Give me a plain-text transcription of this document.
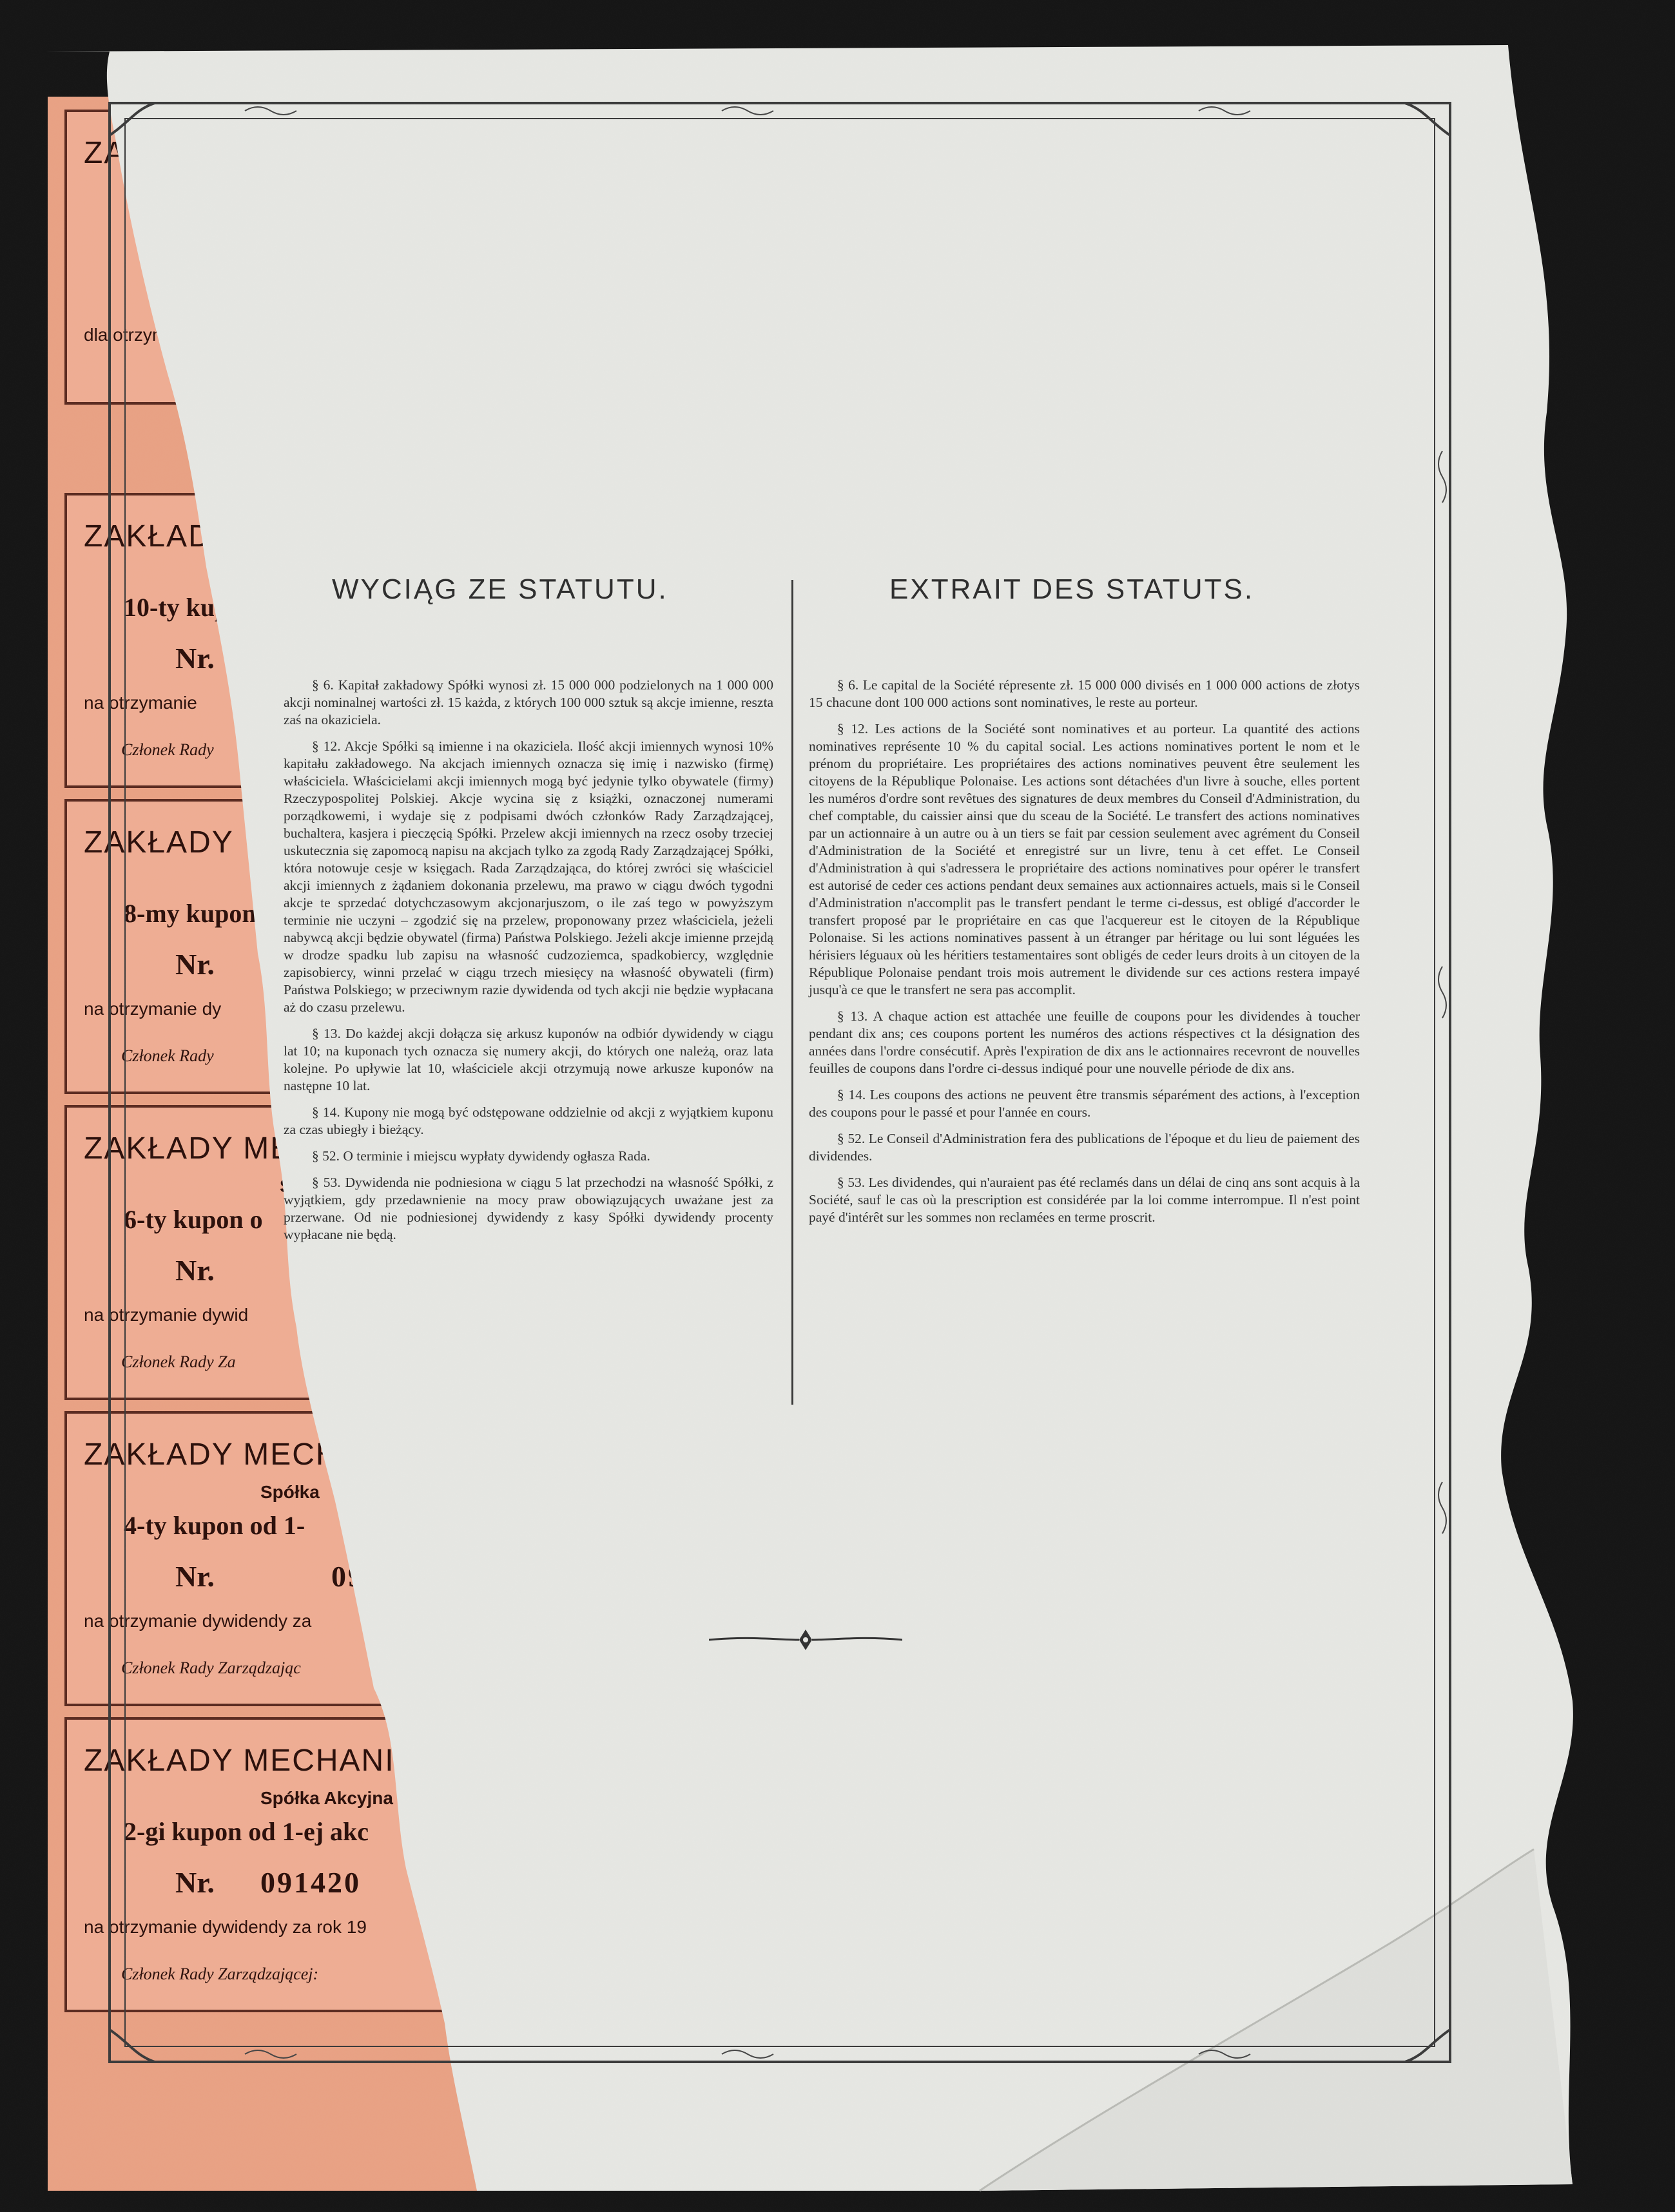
WYCIĄG ZE STATUTU.	EXTRAIT DES STATUTS.

§ 6. Kapitał zakładowy Spółki wynosi zł. 15 000 000 podzielonych na 1 000 000 akcji nominalnej wartości zł. 15 każda, z których 100 000 sztuk są akcje imienne, reszta zaś na okaziciela.

§ 12. Akcje Spółki są imienne i na okaziciela. Ilość akcji imiennych wynosi 10% kapitału zakładowego. Na akcjach imiennych oznacza się imię i nazwisko (firmę) właściciela. Właścicielami akcji imiennych mogą być jedynie tylko obywatele (firmy) Rzeczypospolitej Polskiej. Akcje wycina się z książki, oznaczonej numerami porządkowemi, i wydaje się z podpisami dwóch członków Rady Zarządzającej, buchaltera, kasjera i pieczęcią Spółki. Przelew akcji imiennych na rzecz osoby trzeciej uskutecznia się zapomocą napisu na akcjach tylko za zgodą Rady Zarządzającej Spółki, która notowuje cesje w księgach. Rada Zarządzająca, do której zwróci się właściciel akcji imiennych z żądaniem dokonania przelewu, ma prawo w ciągu dwóch tygodni akcje te sprzedać dotychczasowym akcjonarjuszom, o ile zaś tego w powyższym terminie nie uczyni – zgodzić się na przelew, proponowany przez właściciela, jeżeli nabywcą akcji będzie obywatel (firma) Państwa Polskiego. Jeżeli akcje imienne przejdą w drodze spadku lub zapisu na własność cudzoziemca, spadkobiercy, względnie zapisobiercy, winni przelać w ciągu trzech miesięcy na własność obywateli (firm) Państwa Polskiego; w przeciwnym razie dywidenda od tych akcji nie będzie wypłacana aż do czasu przelewu.

§ 13. Do każdej akcji dołącza się arkusz kuponów na odbiór dywidendy w ciągu lat 10; na kuponach tych oznacza się numery akcji, do których one należą, oraz lata kolejne. Po upływie lat 10, właściciele akcji otrzymują nowe arkusze kuponów na następne 10 lat.

§ 14. Kupony nie mogą być odstępowane oddzielnie od akcji z wyjątkiem kuponu za czas ubiegły i bieżący.

§ 52. O terminie i miejscu wypłaty dywidendy ogłasza Rada.

§ 53. Dywidenda nie podniesiona w ciągu 5 lat przechodzi na własność Spółki, z wyjątkiem, gdy przedawnienie na mocy praw obowiązujących uważane jest za przerwane. Od nie podniesionej dywidendy z kasy Spółki dywidendy procenty wypłacane nie będą.

§ 6. Le capital de la Société répresente zł. 15 000 000 divisés en 1 000 000 actions de złotys 15 chacune dont 100 000 actions sont nominatives, le reste au porteur.

§ 12. Les actions de la Société sont nominatives et au porteur. La quantité des actions nominatives représente 10 % du capital social. Les actions nominatives portent le nom et le prénom du propriétaire. Les propriétaires des actions nominatives peuvent être seulement les citoyens de la République Polonaise. Les actions sont détachées d'un livre à souche, elles portent les numéros d'ordre sont revêtues des signatures de deux membres du Conseil d'Administration, du chef comptable, du caissier ainsi que du sceau de la Société. Le transfert des actions nominatives par un actionnaire à un autre ou à un tiers se fait par cession seulement avec agrément du Conseil d'Administration de la Société et enregistré sur un livre, tenu à cet effet. Le Conseil d'Administration à qui s'adressera le propriétaire des actions nominatives pour opérer le transfert est autorisé de ceder ces actions pendant deux semaines aux actionnaires actuels, mais si le Conseil d'Administration n'accomplit pas le transfert pendant le terme ci-dessus, est obligé d'accorder le transfert proposé par le propriétaire en cas que l'acquereur est le citoyen de la République Polonaise. Si les actions nominatives passent à un étranger par héritage ou lui sont léguées les hérisiers léguaux où les héritiers testamentaires sont obligés de ceder leurs droits à un citoyen de la République Polonaise pendant trois mois autrement le dividende sur ces actions restera impayé jusqu'à ce que le transfert ne sera pas accomplit.

§ 13. A chaque action est attachée une feuille de coupons pour les dividendes à toucher pendant dix ans; ces coupons portent les numéros des actions réspectives ct la désignation des années dans l'ordre consécutif. Après l'expiration de dix ans le actionnaires recevront de nouvelles feuilles de coupons dans l'ordre ci-dessus indiqué pour une nouvelle période de dix ans.

§ 14. Les coupons des actions ne peuvent être transmis séparément des actions, à l'exception des coupons pour le passé et pour l'année en cours.

§ 52. Le Conseil d'Administration fera des publications de l'époque et du lieu de paiement des dividendes.

§ 53. Les dividendes, qui n'auraient pas été reclamés dans un délai de cinq ans sont acquis à la Société, sauf le cas où la prescription est considérée par la loi comme interrompue. Il n'est point payé d'intérêt sur les sommes non reclamées en terme proscrit.
